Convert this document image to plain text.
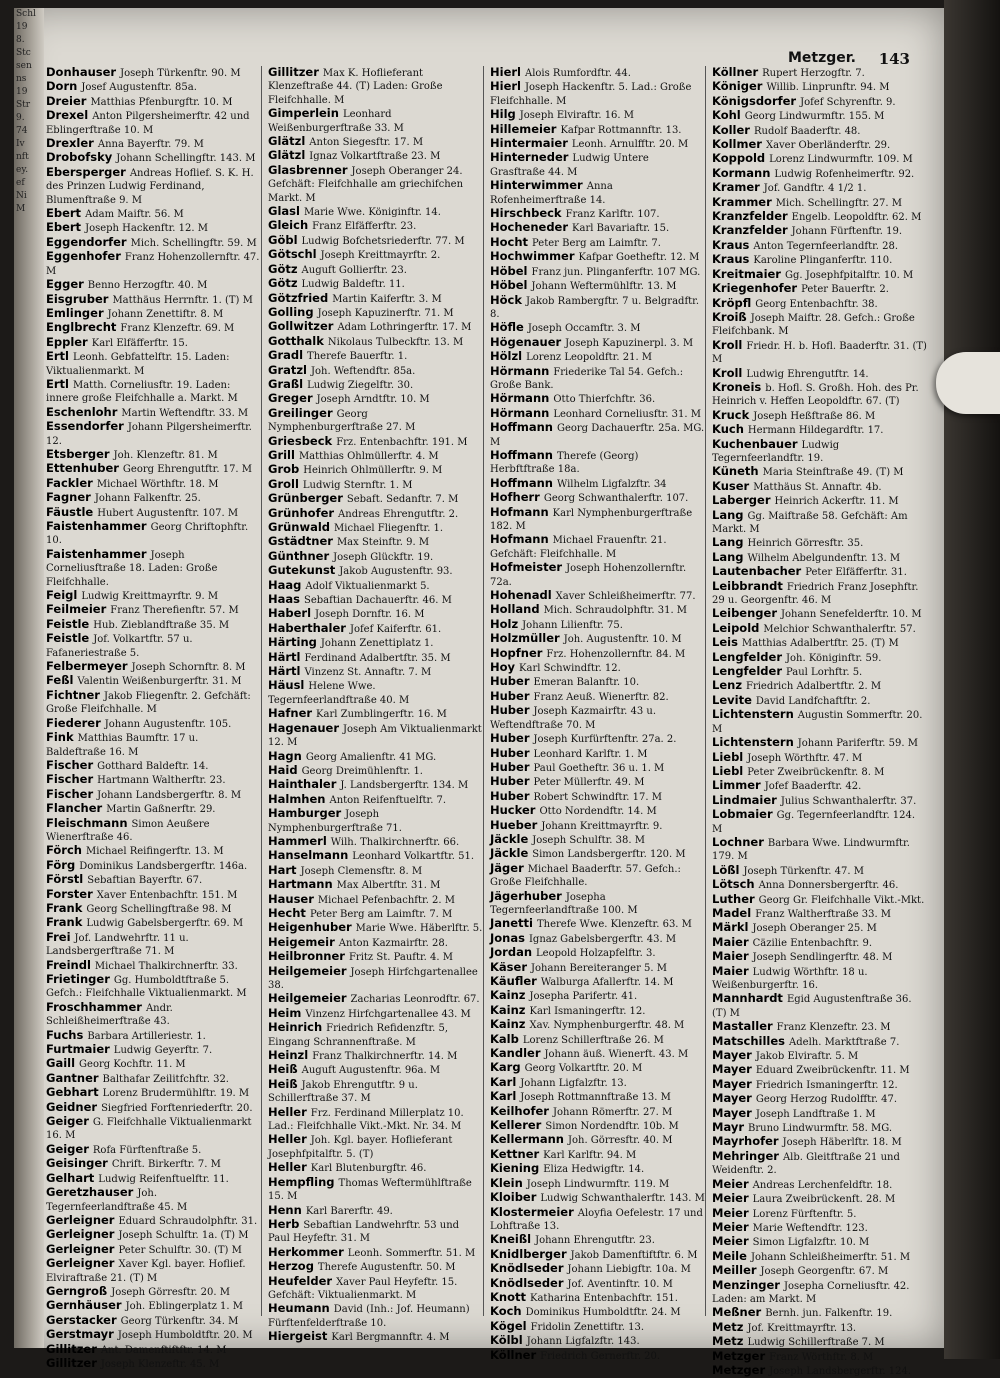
Schl
19
8.
Stc
sen
ns
19
Str
9.
74
Iv
nft
ey.
ef
Ni
M
Metzger. 143

Donhauser Joseph Türkenftr. 90. M

Dorn Josef Augustenftr. 85a.

Dreier Matthias Pfenburgftr. 10. M

Drexel Anton Pilgersheimerftr. 42 und Eblingerftraße 10. M

Drexler Anna Bayerftr. 79. M

Drobofsky Johann Schellingftr. 143. M

Ebersperger Andreas Hoflief. S. K. H. des Prinzen Ludwig Ferdinand, Blumenftraße 9. M

Ebert Adam Maiftr. 56. M

Ebert Joseph Hackenftr. 12. M

Eggendorfer Mich. Schellingftr. 59. M

Eggenhofer Franz Hohenzollernftr. 47. M

Egger Benno Herzogftr. 40. M

Eisgruber Matthäus Herrnftr. 1. (T) M

Emlinger Johann Zenettiftr. 8. M

Englbrecht Franz Klenzeftr. 69. M

Eppler Karl Elfäfferftr. 15.

Ertl Leonh. Gebfattelftr. 15. Laden: Viktualienmarkt. M

Ertl Matth. Corneliusftr. 19. Laden: innere große Fleifchhalle a. Markt. M

Eschenlohr Martin Weftendftr. 33. M

Essendorfer Johann Pilgersheimerftr. 12.

Etsberger Joh. Klenzeftr. 81. M

Ettenhuber Georg Ehrengutftr. 17. M

Fackler Michael Wörthftr. 18. M

Fagner Johann Falkenftr. 25.

Fäustle Hubert Augustenftr. 107. M

Faistenhammer Georg Chriftophftr. 10.

Faistenhammer Joseph Corneliusftraße 18. Laden: Große Fleifchhalle.

Feigl Ludwig Kreittmayrftr. 9. M

Feilmeier Franz Therefienftr. 57. M

Feistle Hub. Zieblandftraße 35. M

Feistle Jof. Volkartftr. 57 u. Fafaneriestraße 5.

Felbermeyer Joseph Schornftr. 8. M

Feßl Valentin Weißenburgerftr. 31. M

Fichtner Jakob Fliegenftr. 2. Gefchäft: Große Fleifchhalle. M

Fiederer Johann Augustenftr. 105.

Fink Matthias Baumftr. 17 u. Baldeftraße 16. M

Fischer Gotthard Baldeftr. 14.

Fischer Hartmann Waltherftr. 23.

Fischer Johann Landsbergerftr. 8. M

Flancher Martin Gaßnerftr. 29.

Fleischmann Simon Aeußere Wienerftraße 46.

Förch Michael Reifingerftr. 13. M

Förg Dominikus Landsbergerftr. 146a.

Förstl Sebaftian Bayerftr. 67.

Forster Xaver Entenbachftr. 151. M

Frank Georg Schellingftraße 98. M

Frank Ludwig Gabelsbergerftr. 69. M

Frei Jof. Landwehrftr. 11 u. Landsbergerftraße 71. M

Freindl Michael Thalkirchnerftr. 33.

Frietinger Gg. Humboldtftraße 5. Gefch.: Fleifchhalle Viktualienmarkt. M

Froschhammer Andr. Schleißheimerftraße 43.

Fuchs Barbara Artilleriestr. 1.

Furtmaier Ludwig Geyerftr. 7.

Gaill Georg Kochftr. 11. M

Gantner Balthafar Zeilitfchftr. 32.

Gebhart Lorenz Brudermühlftr. 19. M

Geidner Siegfried Forftenriederftr. 20.

Geiger G. Fleifchhalle Viktualienmarkt 16. M

Geiger Rofa Fürftenftraße 5.

Geisinger Chrift. Birkerftr. 7. M

Gelhart Ludwig Reifenftuelftr. 11.

Geretzhauser Joh. Tegernfeerlandftraße 45. M

Gerleigner Eduard Schraudolphftr. 31.

Gerleigner Joseph Schulftr. 1a. (T) M

Gerleigner Peter Schulftr. 30. (T) M

Gerleigner Xaver Kgl. bayer. Hoflief. Elviraftraße 21. (T) M

Gerngroß Joseph Görresftr. 20. M

Gernhäuser Joh. Eblingerplatz 1. M

Gerstacker Georg Türkenftr. 34. M

Gerstmayr Joseph Humboldtftr. 20. M

Gillitzer Ant. Damenftiftftr. 14. M

Gillitzer Joseph Klenzeftr. 45. M

Gillitzer Max K. Hoflieferant Klenzeftraße 44. (T) Laden: Große Fleifchhalle. M

Gimperlein Leonhard Weißenburgerftraße 33. M

Glätzl Anton Siegesftr. 17. M

Glätzl Ignaz Volkartftraße 23. M

Glasbrenner Joseph Oberanger 24. Gefchäft: Fleifchhalle am griechifchen Markt. M

Glasl Marie Wwe. Königinftr. 14.

Gleich Franz Elfäfferftr. 23.

Göbl Ludwig Bofchetsriederftr. 77. M

Götschl Joseph Kreittmayrftr. 2.

Götz Auguft Gollierftr. 23.

Götz Ludwig Baldeftr. 11.

Götzfried Martin Kaiferftr. 3. M

Golling Joseph Kapuzinerftr. 71. M

Gollwitzer Adam Lothringerftr. 17. M

Gotthalk Nikolaus Tulbeckftr. 13. M

Gradl Therefe Bauerftr. 1.

Gratzl Joh. Weftendftr. 85a.

Graßl Ludwig Ziegelftr. 30.

Greger Joseph Arndtftr. 10. M

Greilinger Georg Nymphenburgerftraße 27. M

Griesbeck Frz. Entenbachftr. 191. M

Grill Matthias Ohlmüllerftr. 4. M

Grob Heinrich Ohlmüllerftr. 9. M

Groll Ludwig Sternftr. 1. M

Grünberger Sebaft. Sedanftr. 7. M

Grünhofer Andreas Ehrengutftr. 2.

Grünwald Michael Fliegenftr. 1.

Gstädtner Max Steinftr. 9. M

Günthner Joseph Glückftr. 19.

Gutekunst Jakob Augustenftr. 93.

Haag Adolf Viktualienmarkt 5.

Haas Sebaftian Dachauerftr. 46. M

Haberl Joseph Dornftr. 16. M

Haberthaler Jofef Kaiferftr. 61.

Härting Johann Zenettiplatz 1.

Härtl Ferdinand Adalbertftr. 35. M

Härtl Vinzenz St. Annaftr. 7. M

Häusl Helene Wwe. Tegernfeerlandftraße 40. M

Hafner Karl Zumblingerftr. 16. M

Hagenauer Joseph Am Viktualienmarkt 12. M

Hagn Georg Amalienftr. 41 MG.

Haid Georg Dreimühlenftr. 1.

Hainthaler J. Landsbergerftr. 134. M

Halmhen Anton Reifenftuelftr. 7.

Hamburger Joseph Nymphenburgerftraße 71.

Hammerl Wilh. Thalkirchnerftr. 66.

Hanselmann Leonhard Volkartftr. 51.

Hart Joseph Clemensftr. 8. M

Hartmann Max Albertftr. 31. M

Hauser Michael Pefenbachftr. 2. M

Hecht Peter Berg am Laimftr. 7. M

Heigenhuber Marie Wwe. Häberlftr. 5.

Heigemeir Anton Kazmairftr. 28.

Heilbronner Fritz St. Pauftr. 4. M

Heilgemeier Joseph Hirfchgartenallee 38.

Heilgemeier Zacharias Leonrodftr. 67.

Heim Vinzenz Hirfchgartenallee 43. M

Heinrich Friedrich Refidenzftr. 5, Eingang Schrannenftraße. M

Heinzl Franz Thalkirchnerftr. 14. M

Heiß Auguft Augustenftr. 96a. M

Heiß Jakob Ehrengutftr. 9 u. Schillerftraße 37. M

Heller Frz. Ferdinand Millerplatz 10. Lad.: Fleifchhalle Vikt.-Mkt. Nr. 34. M

Heller Joh. Kgl. bayer. Hoflieferant Josephfpitalftr. 5. (T)

Heller Karl Blutenburgftr. 46.

Hempfling Thomas Weftermühlftraße 15. M

Henn Karl Barerftr. 49.

Herb Sebaftian Landwehrftr. 53 und Paul Heyfeftr. 31. M

Herkommer Leonh. Sommerftr. 51. M

Herzog Therefe Augustenftr. 50. M

Heufelder Xaver Paul Heyfeftr. 15. Gefchäft: Viktualienmarkt. M

Heumann David (Inh.: Jof. Heumann) Fürftenfelderftraße 10.

Hiergeist Karl Bergmannftr. 4. M

Hierl Alois Rumfordftr. 44.

Hierl Joseph Hackenftr. 5. Lad.: Große Fleifchhalle. M

Hilg Joseph Elviraftr. 16. M

Hillemeier Kafpar Rottmannftr. 13.

Hintermaier Leonh. Arnulfftr. 20. M

Hinterneder Ludwig Untere Grasftraße 44. M

Hinterwimmer Anna Rofenheimerftraße 14.

Hirschbeck Franz Karlftr. 107.

Hocheneder Karl Bavariaftr. 15.

Hocht Peter Berg am Laimftr. 7.

Hochwimmer Kafpar Goetheftr. 12. M

Höbel Franz jun. Plinganferftr. 107 MG.

Höbel Johann Weftermühlftr. 13. M

Höck Jakob Rambergftr. 7 u. Belgradftr. 8.

Höfle Joseph Occamftr. 3. M

Högenauer Joseph Kapuzinerpl. 3. M

Hölzl Lorenz Leopoldftr. 21. M

Hörmann Friederike Tal 54. Gefch.: Große Bank.

Hörmann Otto Thierfchftr. 36.

Hörmann Leonhard Corneliusftr. 31. M

Hoffmann Georg Dachauerftr. 25a. MG. M

Hoffmann Therefe (Georg) Herbftftraße 18a.

Hoffmann Wilhelm Ligfalzftr. 34

Hofherr Georg Schwanthalerftr. 107.

Hofmann Karl Nymphenburgerftraße 182. M

Hofmann Michael Frauenftr. 21. Gefchäft: Fleifchhalle. M

Hofmeister Joseph Hohenzollernftr. 72a.

Hohenadl Xaver Schleißheimerftr. 77.

Holland Mich. Schraudolphftr. 31. M

Holz Johann Lilienftr. 75.

Holzmüller Joh. Augustenftr. 10. M

Hopfner Frz. Hohenzollernftr. 84. M

Hoy Karl Schwindftr. 12.

Huber Emeran Balanftr. 10.

Huber Franz Aeuß. Wienerftr. 82.

Huber Joseph Kazmairftr. 43 u. Weftendftraße 70. M

Huber Joseph Kurfürftenftr. 27a. 2.

Huber Leonhard Karlftr. 1. M

Huber Paul Goetheftr. 36 u. 1. M

Huber Peter Müllerftr. 49. M

Huber Robert Schwindftr. 17. M

Hucker Otto Nordendftr. 14. M

Hueber Johann Kreittmayrftr. 9.

Jäckle Joseph Schulftr. 38. M

Jäckle Simon Landsbergerftr. 120. M

Jäger Michael Baaderftr. 57. Gefch.: Große Fleifchhalle.

Jägerhuber Josepha Tegernfeerlandftraße 100. M

Janetti Therefe Wwe. Klenzeftr. 63. M

Jonas Ignaz Gabelsbergerftr. 43. M

Jordan Leopold Holzapfelftr. 3.

Käser Johann Bereiteranger 5. M

Käufler Walburga Afallerftr. 14. M

Kainz Josepha Parifertr. 41.

Kainz Karl Ismaningerftr. 12.

Kainz Xav. Nymphenburgerftr. 48. M

Kalb Lorenz Schillerftraße 26. M

Kandler Johann äuß. Wienerft. 43. M

Karg Georg Volkartftr. 20. M

Karl Johann Ligfalzftr. 13.

Karl Joseph Rottmannftraße 13. M

Keilhofer Johann Römerftr. 27. M

Kellerer Simon Nordendftr. 10b. M

Kellermann Joh. Görresftr. 40. M

Kettner Karl Karlftr. 94. M

Kiening Eliza Hedwigftr. 14.

Klein Joseph Lindwurmftr. 119. M

Kloiber Ludwig Schwanthalerftr. 143. M

Klostermeier Aloyfia Oefelestr. 17 und Lohftraße 13.

Kneißl Johann Ehrengutftr. 23.

Knidlberger Jakob Damenftiftftr. 6. M

Knödlseder Johann Liebigftr. 10a. M

Knödlseder Jof. Aventinftr. 10. M

Knott Katharina Entenbachftr. 151.

Koch Dominikus Humboldtftr. 24. M

Kögel Fridolin Zenettiftr. 13.

Kölbl Johann Ligfalzftr. 143.

Köllner Friedrich Gernerftr. 20.

Köllner Rupert Herzogftr. 7.

Königer Willib. Linprunftr. 94. M

Königsdorfer Jofef Schyrenftr. 9.

Kohl Georg Lindwurmftr. 155. M

Koller Rudolf Baaderftr. 48.

Kollmer Xaver Oberländerftr. 29.

Koppold Lorenz Lindwurmftr. 109. M

Kormann Ludwig Rofenheimerftr. 92.

Kramer Jof. Gandftr. 4 1/2 1.

Krammer Mich. Schellingftr. 27. M

Kranzfelder Engelb. Leopoldftr. 62. M

Kranzfelder Johann Fürftenftr. 19.

Kraus Anton Tegernfeerlandftr. 28.

Kraus Karoline Plinganferftr. 110.

Kreitmaier Gg. Josephfpitalftr. 10. M

Kriegenhofer Peter Bauerftr. 2.

Kröpfl Georg Entenbachftr. 38.

Kroiß Joseph Maiftr. 28. Gefch.: Große Fleifchbank. M

Kroll Friedr. H. b. Hofl. Baaderftr. 31. (T) M

Kroll Ludwig Ehrengutftr. 14.

Kroneis b. Hofl. S. Großh. Hoh. des Pr. Heinrich v. Heffen Leopoldftr. 67. (T)

Kruck Joseph Heßftraße 86. M

Kuch Hermann Hildegardftr. 17.

Kuchenbauer Ludwig Tegernfeerlandftr. 19.

Küneth Maria Steinftraße 49. (T) M

Kuser Matthäus St. Annaftr. 4b.

Laberger Heinrich Ackerftr. 11. M

Lang Gg. Maiftraße 58. Gefchäft: Am Markt. M

Lang Heinrich Görresftr. 35.

Lang Wilhelm Abelgundenftr. 13. M

Lautenbacher Peter Elfäfferftr. 31.

Leibbrandt Friedrich Franz Josephftr. 29 u. Georgenftr. 46. M

Leibenger Johann Senefelderftr. 10. M

Leipold Melchior Schwanthalerftr. 57.

Leis Matthias Adalbertftr. 25. (T) M

Lengfelder Joh. Königinftr. 59.

Lengfelder Paul Lorhftr. 5.

Lenz Friedrich Adalbertftr. 2. M

Levite David Landfchaftftr. 2.

Lichtenstern Augustin Sommerftr. 20. M

Lichtenstern Johann Pariferftr. 59. M

Liebl Joseph Wörthftr. 47. M

Liebl Peter Zweibrückenftr. 8. M

Limmer Jofef Baaderftr. 42.

Lindmaier Julius Schwanthalerftr. 37.

Lobmaier Gg. Tegernfeerlandftr. 124. M

Lochner Barbara Wwe. Lindwurmftr. 179. M

Lößl Joseph Türkenftr. 47. M

Lötsch Anna Donnersbergerftr. 46.

Luther Georg Gr. Fleifchhalle Vikt.-Mkt.

Madel Franz Waltherftraße 33. M

Märkl Joseph Oberanger 25. M

Maier Cäzilie Entenbachftr. 9.

Maier Joseph Sendlingerftr. 48. M

Maier Ludwig Wörthftr. 18 u. Weißenburgerftr. 16.

Mannhardt Egid Augustenftraße 36. (T) M

Mastaller Franz Klenzeftr. 23. M

Matschilles Adelh. Marktftraße 7.

Mayer Jakob Elviraftr. 5. M

Mayer Eduard Zweibrückenftr. 11. M

Mayer Friedrich Ismaningerftr. 12.

Mayer Georg Herzog Rudolfftr. 47.

Mayer Joseph Landftraße 1. M

Mayr Bruno Lindwurmftr. 58. MG.

Mayrhofer Joseph Häberlftr. 18. M

Mehringer Alb. Gleitftraße 21 und Weidenftr. 2.

Meier Andreas Lerchenfeldftr. 18.

Meier Laura Zweibrückenft. 28. M

Meier Lorenz Fürftenftr. 5.

Meier Marie Weftendftr. 123.

Meier Simon Ligfalzftr. 10. M

Meile Johann Schleißheimerftr. 51. M

Meiller Joseph Georgenftr. 67. M

Menzinger Josepha Corneliusftr. 42. Laden: am Markt. M

Meßner Bernh. jun. Falkenftr. 19.

Metz Jof. Kreittmayrftr. 13.

Metz Ludwig Schillerftraße 7. M

Metzger Franz Wörthftr. 8. M

Metzger Joseph Landsbergerftr. 124.
